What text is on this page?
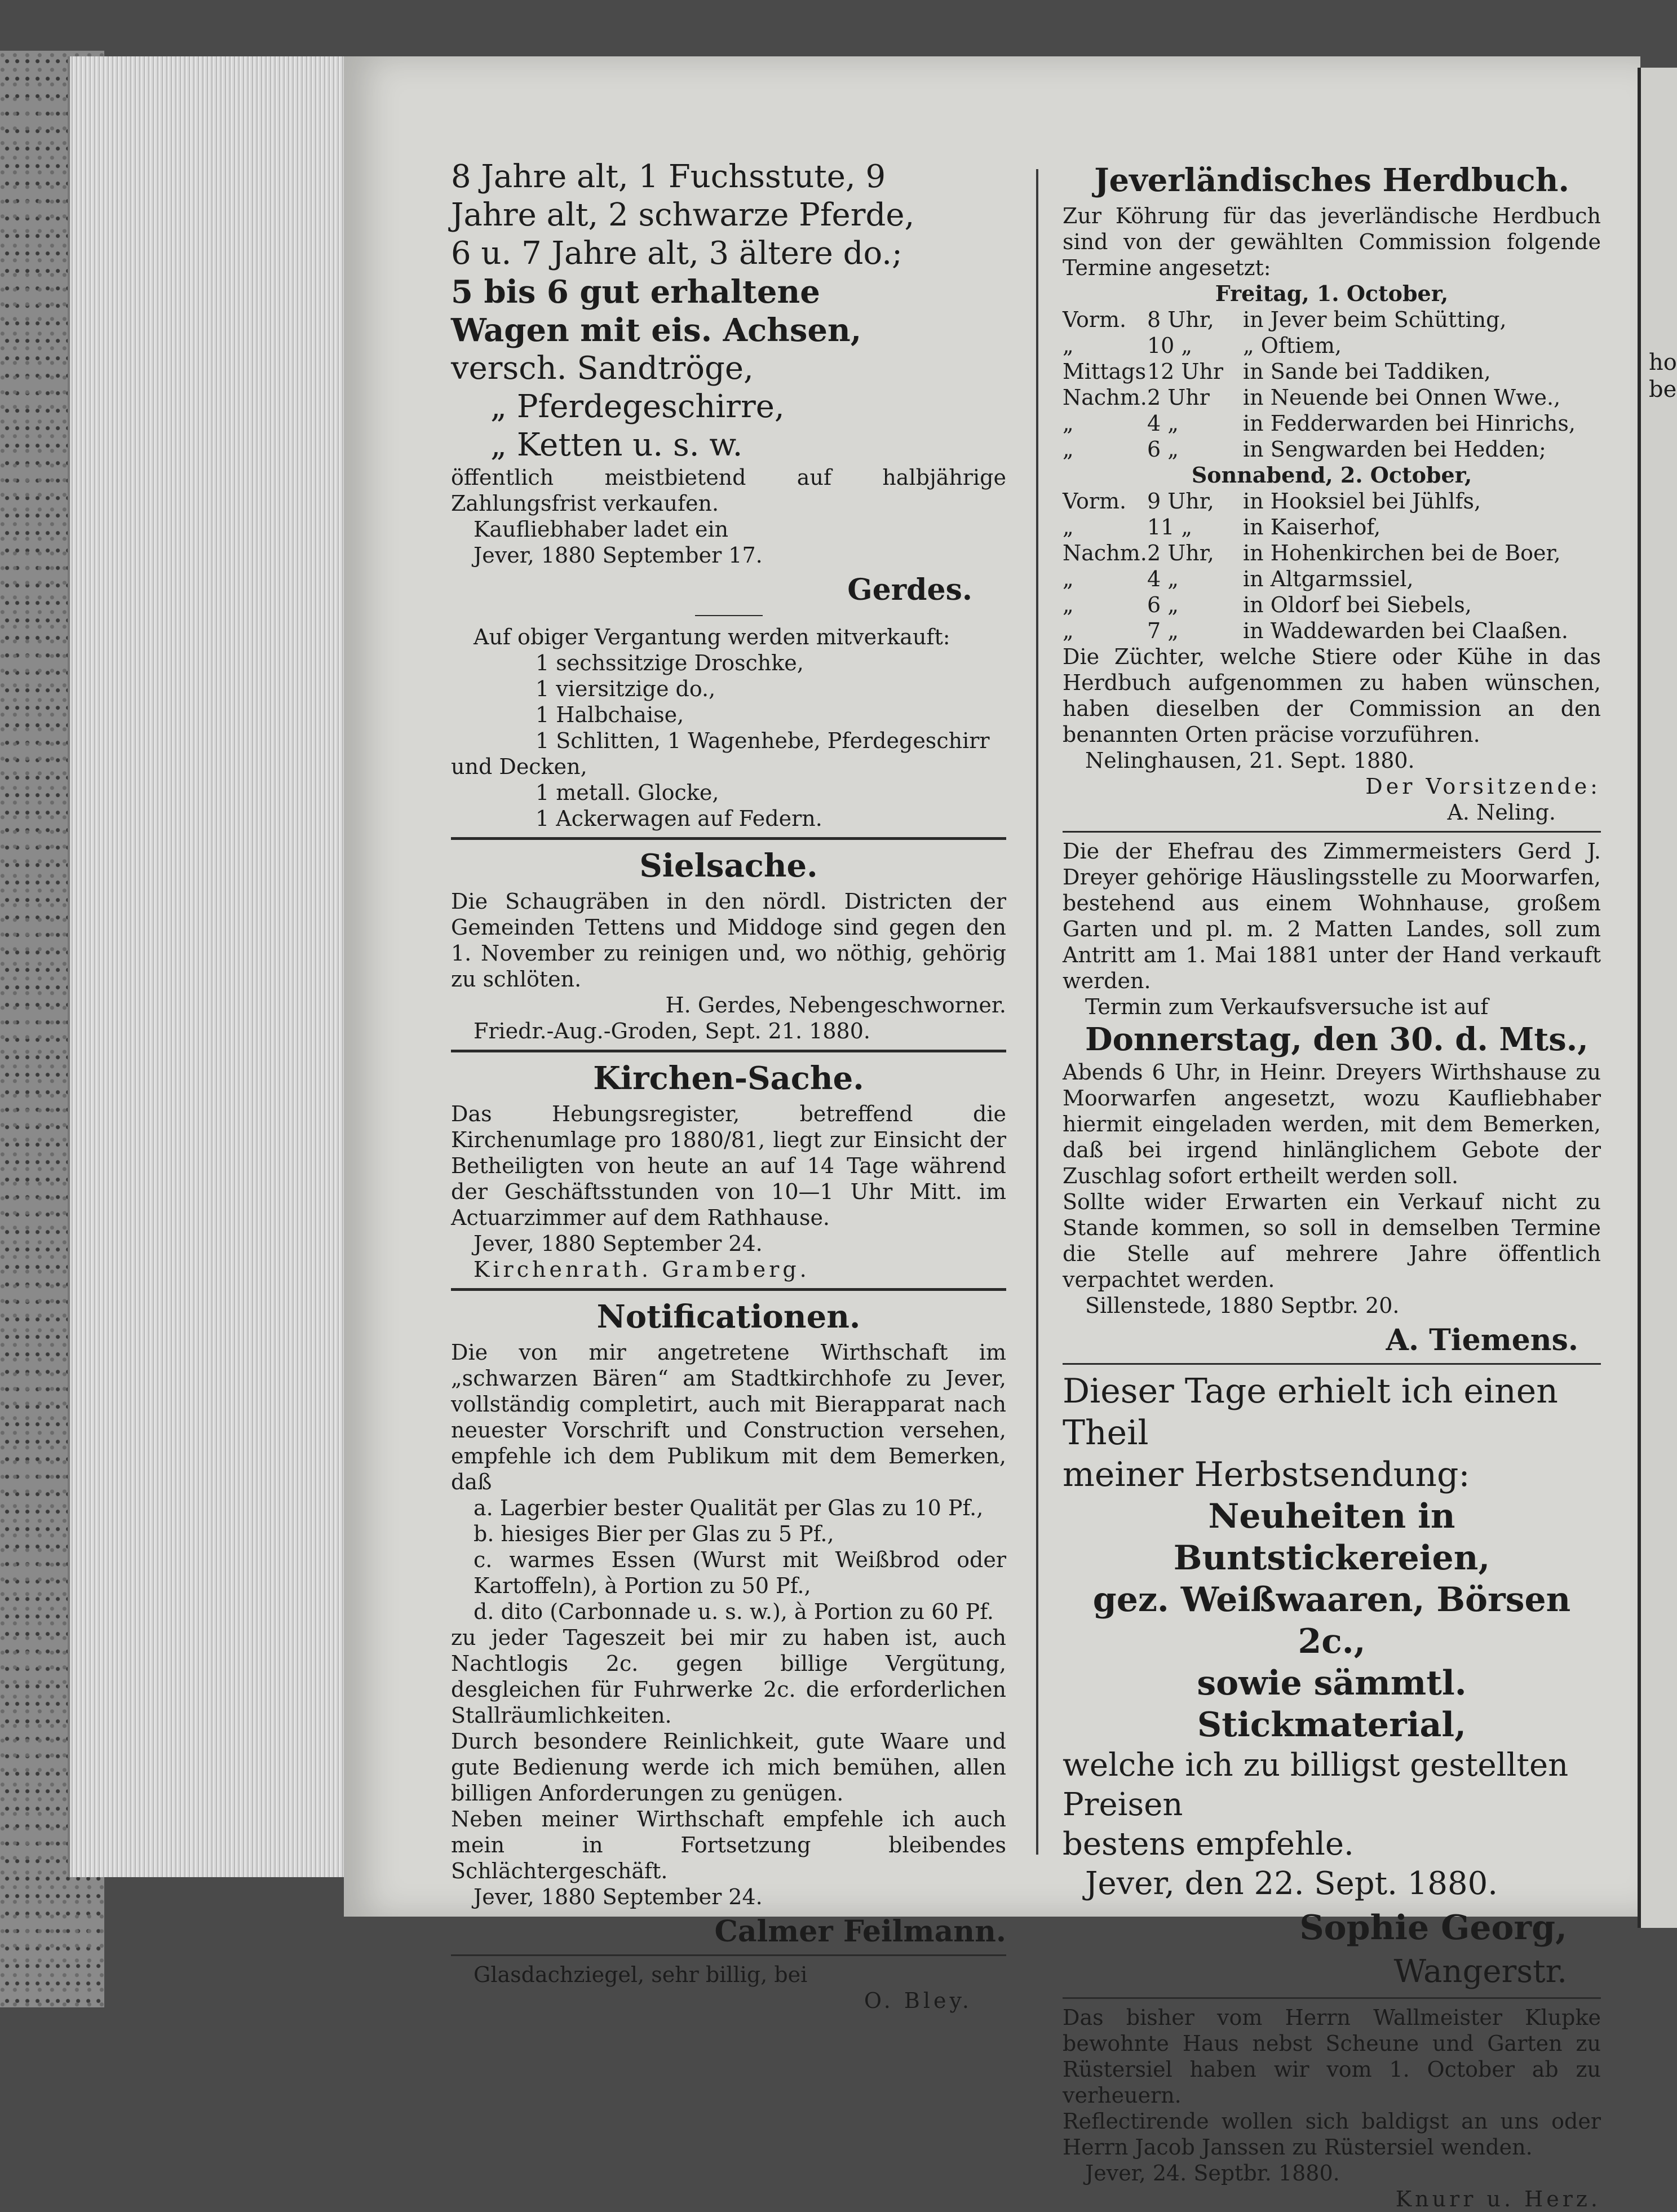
ho
be

8 Jahre alt, 1 Fuchsstute, 9

Jahre alt, 2 schwarze Pferde,

6 u. 7 Jahre alt, 3 ältere do.;

5 bis 6 gut erhaltene

Wagen mit eis. Achsen,

versch. Sandtröge,

„ Pferdegeschirre,

„ Ketten u. s. w.

öffentlich meistbietend auf halbjährige Zahlungsfrist verkaufen.

Kaufliebhaber ladet ein

Jever, 1880 September 17.

Gerdes.

Auf obiger Vergantung werden mitverkauft:

1 sechssitzige Droschke,

1 viersitzige do.,

1 Halbchaise,

1 Schlitten, 1 Wagenhebe, Pferdegeschirr

und Decken,

1 metall. Glocke,

1 Ackerwagen auf Federn.

Sielsache.

Die Schaugräben in den nördl. Districten der Gemeinden Tettens und Middoge sind gegen den 1. November zu reinigen und, wo nöthig, gehörig zu schlöten.

H. Gerdes, Nebengeschworner.

Friedr.-Aug.-Groden, Sept. 21. 1880.

Kirchen-Sache.

Das Hebungsregister, betreffend die Kirchenumlage pro 1880/81, liegt zur Einsicht der Betheiligten von heute an auf 14 Tage während der Geschäftsstunden von 10—1 Uhr Mitt. im Actuarzimmer auf dem Rathhause.

Jever, 1880 September 24.

Kirchenrath. Gramberg.

Notificationen.

Die von mir angetretene Wirthschaft im „schwarzen Bären“ am Stadtkirchhofe zu Jever, vollständig completirt, auch mit Bierapparat nach neuester Vorschrift und Construction versehen, empfehle ich dem Publikum mit dem Bemerken, daß

a. Lagerbier bester Qualität per Glas zu 10 Pf.,

b. hiesiges Bier per Glas zu 5 Pf.,

c. warmes Essen (Wurst mit Weißbrod oder Kartoffeln), à Portion zu 50 Pf.,

d. dito (Carbonnade u. s. w.), à Portion zu 60 Pf.

zu jeder Tageszeit bei mir zu haben ist, auch Nachtlogis 2c. gegen billige Vergütung, desgleichen für Fuhrwerke 2c. die erforderlichen Stallräumlichkeiten.

Durch besondere Reinlichkeit, gute Waare und gute Bedienung werde ich mich bemühen, allen billigen Anforderungen zu genügen.

Neben meiner Wirthschaft empfehle ich auch mein in Fortsetzung bleibendes Schlächtergeschäft.

Jever, 1880 September 24.

Calmer Feilmann.

Glasdachziegel, sehr billig, bei

O. Bley.

Jeverländisches Herdbuch.

Zur Köhrung für das jeverländische Herdbuch sind von der gewählten Commission folgende Termine angesetzt:

Freitag, 1. October,

Vorm. 8 Uhr,	in Jever beim Schütting,
„	10 „	„ Oftiem,
Mittags 12 Uhr in Sande bei Taddiken,
Nachm. 2 Uhr	in Neuende bei Onnen Wwe.,
„	4 „	in Fedderwarden bei Hinrichs,
„	6 „	in Sengwarden bei Hedden;

Sonnabend, 2. October,

Vorm. 9 Uhr,	in Hooksiel bei Jühlfs,
„	11 „	in Kaiserhof,
Nachm. 2 Uhr,	in Hohenkirchen bei de Boer,
„	4 „	in Altgarmssiel,
„	6 „	in Oldorf bei Siebels,
„	7 „	in Waddewarden bei Claaßen.

Die Züchter, welche Stiere oder Kühe in das Herdbuch aufgenommen zu haben wünschen, haben dieselben der Commission an den benannten Orten präcise vorzuführen.

Nelinghausen, 21. Sept. 1880.

Der Vorsitzende:

A. Neling.

Die der Ehefrau des Zimmermeisters Gerd J. Dreyer gehörige Häuslingsstelle zu Moorwarfen, bestehend aus einem Wohnhause, großem Garten und pl. m. 2 Matten Landes, soll zum Antritt am 1. Mai 1881 unter der Hand verkauft werden.

Termin zum Verkaufsversuche ist auf

Donnerstag, den 30. d. Mts.,

Abends 6 Uhr, in Heinr. Dreyers Wirthshause zu Moorwarfen angesetzt, wozu Kaufliebhaber hiermit eingeladen werden, mit dem Bemerken, daß bei irgend hinlänglichem Gebote der Zuschlag sofort ertheilt werden soll.

Sollte wider Erwarten ein Verkauf nicht zu Stande kommen, so soll in demselben Termine die Stelle auf mehrere Jahre öffentlich verpachtet werden.

Sillenstede, 1880 Septbr. 20.

A. Tiemens.

Dieser Tage erhielt ich einen Theil

meiner Herbstsendung:

Neuheiten in Buntstickereien,

gez. Weißwaaren, Börsen 2c.,

sowie sämmtl. Stickmaterial,

welche ich zu billigst gestellten Preisen

bestens empfehle.

Jever, den 22. Sept. 1880.

Sophie Georg,

Wangerstr.

Das bisher vom Herrn Wallmeister Klupke bewohnte Haus nebst Scheune und Garten zu Rüstersiel haben wir vom 1. October ab zu verheuern.

Reflectirende wollen sich baldigst an uns oder Herrn Jacob Janssen zu Rüstersiel wenden.

Jever, 24. Septbr. 1880.

Knurr u. Herz.
